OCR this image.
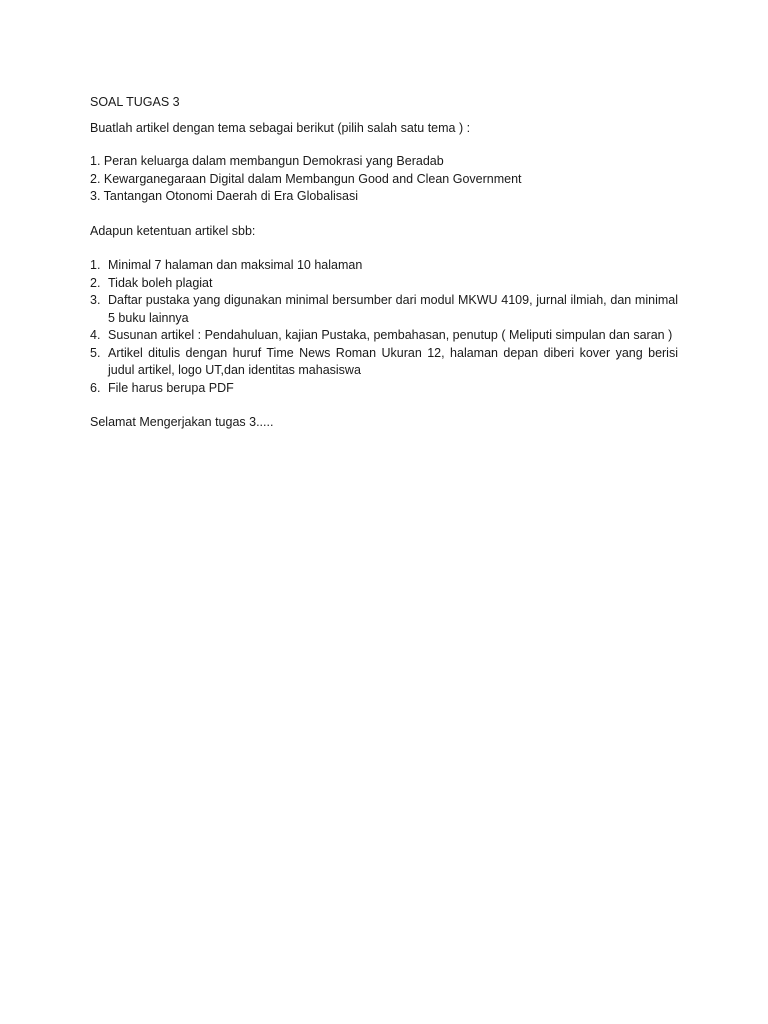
SOAL TUGAS 3
Buatlah artikel dengan tema sebagai berikut (pilih salah satu tema ) :
1. Peran keluarga dalam membangun Demokrasi yang Beradab
2. Kewarganegaraan Digital dalam Membangun Good and Clean Government
3. Tantangan Otonomi Daerah di Era Globalisasi
Adapun ketentuan artikel sbb:
1. Minimal 7 halaman dan maksimal 10 halaman
2. Tidak boleh plagiat
3. Daftar pustaka yang digunakan minimal bersumber dari modul MKWU 4109, jurnal ilmiah, dan minimal 5 buku lainnya
4. Susunan artikel : Pendahuluan, kajian Pustaka, pembahasan, penutup ( Meliputi simpulan dan saran )
5. Artikel ditulis dengan huruf Time News Roman Ukuran 12, halaman depan diberi kover yang berisi judul artikel, logo UT,dan identitas mahasiswa
6. File harus berupa PDF
Selamat Mengerjakan tugas 3.....
